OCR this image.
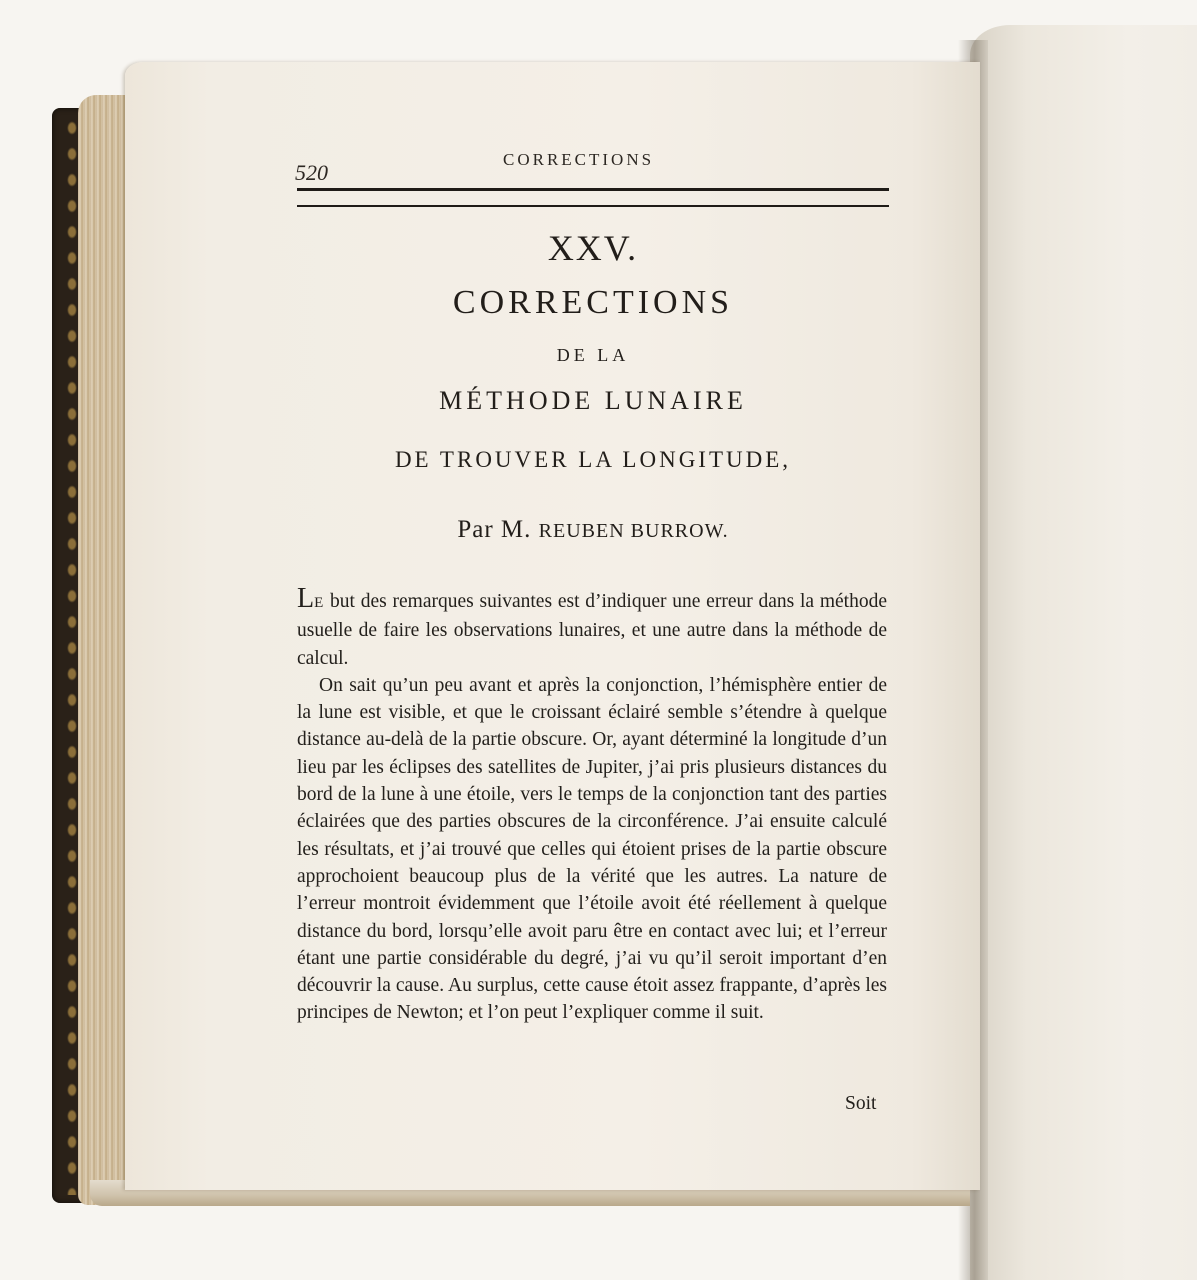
520
CORRECTIONS
XXV.
CORRECTIONS
DE LA
MÉTHODE LUNAIRE
DE TROUVER LA LONGITUDE,
Par M. REUBEN BURROW.

LE but des remarques suivantes est d’indiquer une erreur dans la méthode usuelle de faire les observations lunaires, et une autre dans la méthode de calcul.

On sait qu’un peu avant et après la conjonction, l’hémisphère entier de la lune est visible, et que le croissant éclairé semble s’étendre à quelque distance au-delà de la partie obscure. Or, ayant déterminé la longitude d’un lieu par les éclipses des satellites de Jupiter, j’ai pris plusieurs distances du bord de la lune à une étoile, vers le temps de la conjonction tant des parties éclairées que des parties obscures de la circonférence. J’ai ensuite calculé les résultats, et j’ai trouvé que celles qui étoient prises de la partie obscure approchoient beaucoup plus de la vérité que les autres. La nature de l’erreur montroit évidemment que l’étoile avoit été réellement à quelque distance du bord, lorsqu’elle avoit paru être en contact avec lui; et l’erreur étant une partie considérable du degré, j’ai vu qu’il seroit important d’en découvrir la cause. Au surplus, cette cause étoit assez frappante, d’après les principes de Newton; et l’on peut l’expliquer comme il suit.

Soit
